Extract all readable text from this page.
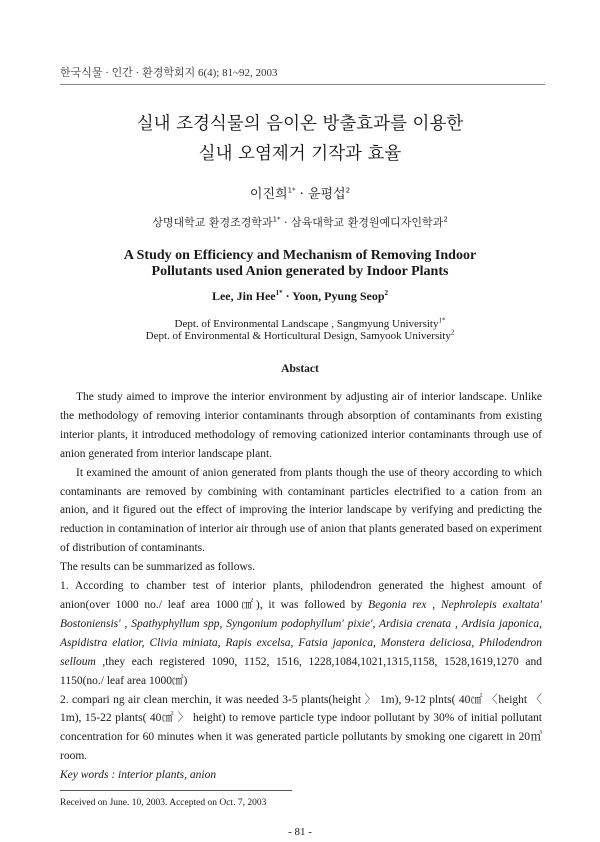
한국식물 · 인간 · 환경학회지 6(4); 81~92, 2003
실내 조경식물의 음이온 방출효과를 이용한
실내 오염제거 기작과 효율
이진희$^{1*}$ · 윤평섭$^2$
상명대학교 환경조경학과$^{1*}$ · 삼육대학교 환경원예디자인학과$^2$
A Study on Efficiency and Mechanism of Removing Indoor
Pollutants used Anion generated by Indoor Plants
Lee, Jin Hee$^{1*}$ · Yoon, Pyung Seop$^2$
Dept. of Environmental Landscape , Sangmyung University$^{1*}$
Dept. of Environmental & Horticultural Design, Samyook University$^2$
Abstact

The study aimed to improve the interior environment by adjusting air of interior landscape. Unlike the methodology of removing interior contaminants through absorption of contaminants from existing interior plants, it introduced methodology of removing cationized interior contaminants through use of anion generated from interior landscape plant.

It examined the amount of anion generated from plants though the use of theory according to which contaminants are removed by combining with contaminant particles electrified to a cation from an anion, and it figured out the effect of improving the interior landscape by verifying and predicting the reduction in contamination of interior air through use of anion that plants generated based on experiment of distribution of contaminants.

The results can be summarized as follows.

1. According to chamber test of interior plants, philodendron generated the highest amount of anion(over 1000 no./ leaf area 1000㎠), it was followed by Begonia rex , Nephrolepis exaltata' Bostoniensis' , Spathyphyllum spp, Syngonium podophyllum' pixie', Ardisia crenata , Ardisia japonica, Aspidistra elatior, Clivia miniata, Rapis excelsa, Fatsia japonica, Monstera deliciosa, Philodendron selloum ,they each registered 1090, 1152, 1516, 1228,1084,1021,1315,1158, 1528,1619,1270 and 1150(no./ leaf area 1000㎠)

2. compari ng air clean merchin, it was needed 3-5 plants(height 〉 1m), 9-12 plnts( 40㎠ 〈height 〈 1m), 15-22 plants( 40㎠ 〉 height) to remove particle type indoor pollutant by 30% of initial pollutant concentration for 60 minutes when it was generated particle pollutants by smoking one cigarett in 20㎥ room.

Key words : interior plants, anion

Received on June. 10, 2003. Accepted on Oct. 7, 2003
- 81 -
